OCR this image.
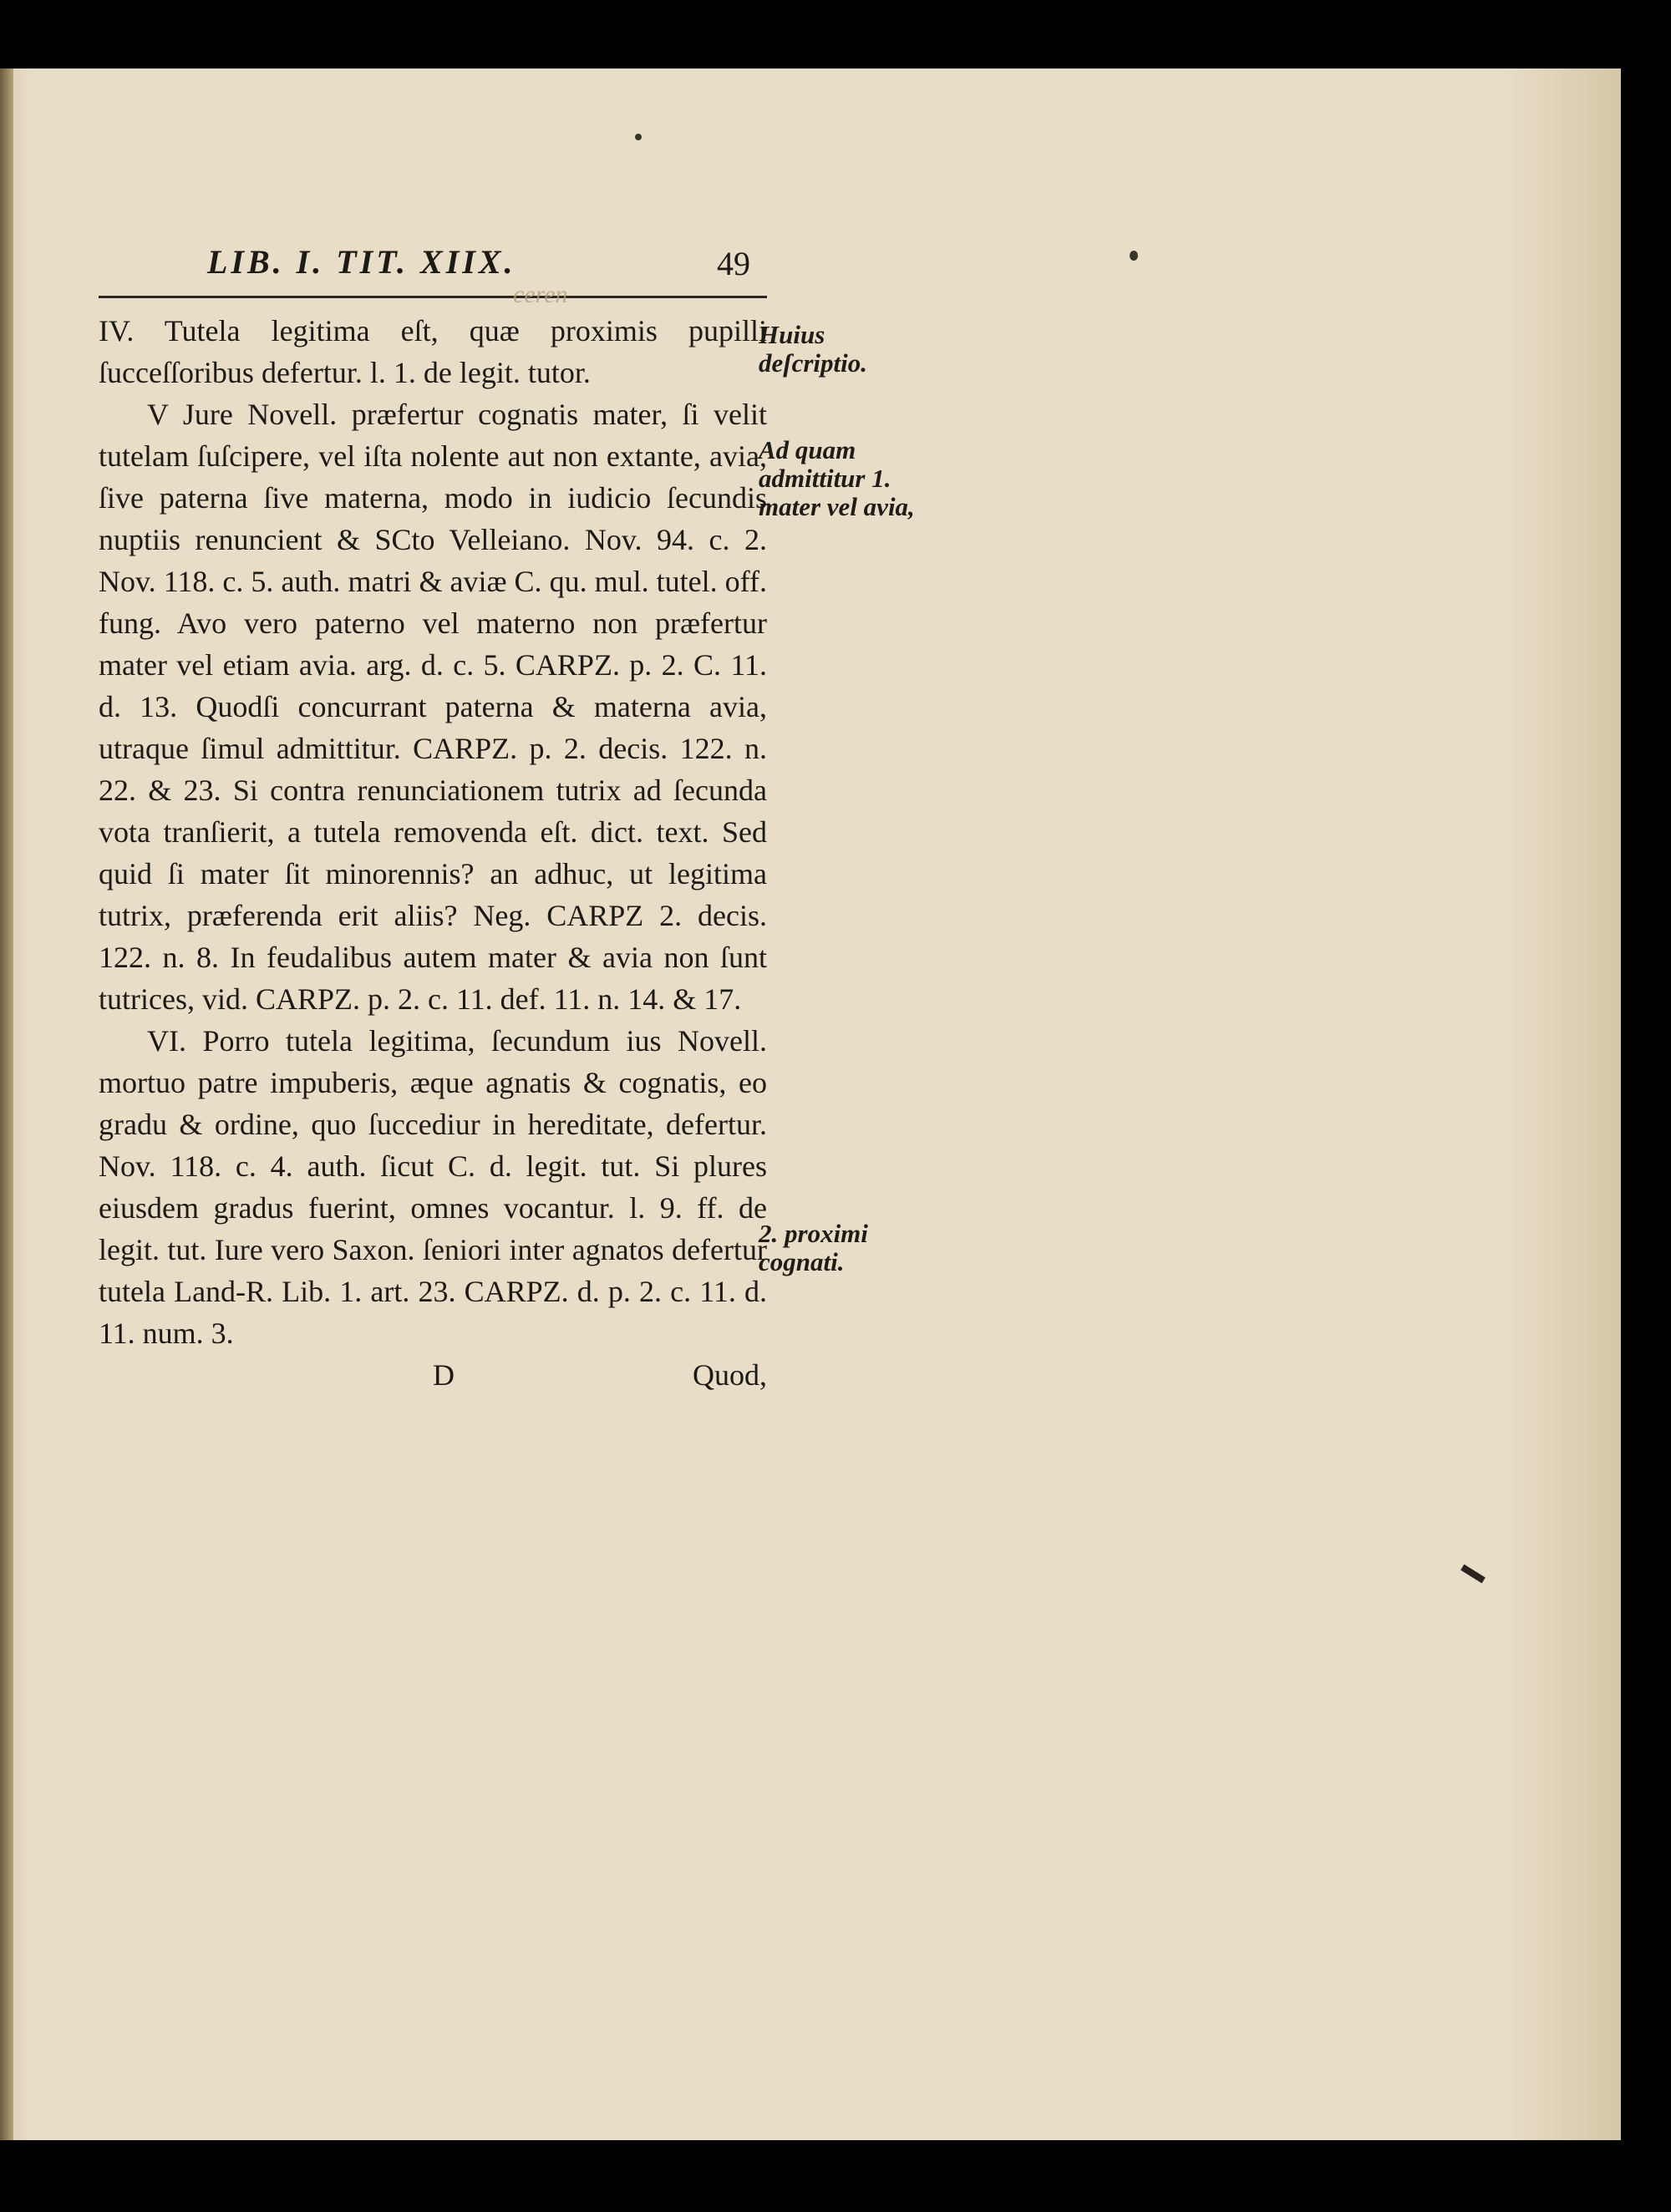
LIB. I. TIT. XIIX.	49
ceren

IV. Tutela legitima eſt, quæ proximis pupilli ſucceſſoribus defertur. l. 1. de legit. tutor.

V Jure Novell. præfertur cognatis mater, ſi velit tutelam ſuſcipere, vel iſta nolente aut non extante, avia, ſive paterna ſive materna, modo in iudicio ſecundis nuptiis renuncient & SCto Velleiano. Nov. 94. c. 2. Nov. 118. c. 5. auth. matri & aviæ C. qu. mul. tutel. off. fung. Avo vero paterno vel materno non præfertur mater vel etiam avia. arg. d. c. 5. CARPZ. p. 2. C. 11. d. 13. Quodſi concurrant paterna & materna avia, utraque ſimul admittitur. CARPZ. p. 2. decis. 122. n. 22. & 23. Si contra renunciationem tutrix ad ſecunda vota tranſierit, a tutela removenda eſt. dict. text. Sed quid ſi mater ſit minorennis? an adhuc, ut legitima tutrix, præferenda erit aliis? Neg. CARPZ 2. decis. 122. n. 8. In feudalibus autem mater & avia non ſunt tutrices, vid. CARPZ. p. 2. c. 11. def. 11. n. 14. & 17.

VI. Porro tutela legitima, ſecundum ius Novell. mortuo patre impuberis, æque agnatis & cognatis, eo gradu & ordine, quo ſuccediur in hereditate, defertur. Nov. 118. c. 4. auth. ſicut C. d. legit. tut. Si plures eiusdem gradus fuerint, omnes vocantur. l. 9. ff. de legit. tut. Iure vero Saxon. ſeniori inter agnatos defertur tutela Land-R. Lib. 1. art. 23. CARPZ. d. p. 2. c. 11. d. 11. num. 3.

D	Quod,
Huius deſcriptio.
Ad quam admittitur 1. mater vel avia,
2. proximi cognati.
